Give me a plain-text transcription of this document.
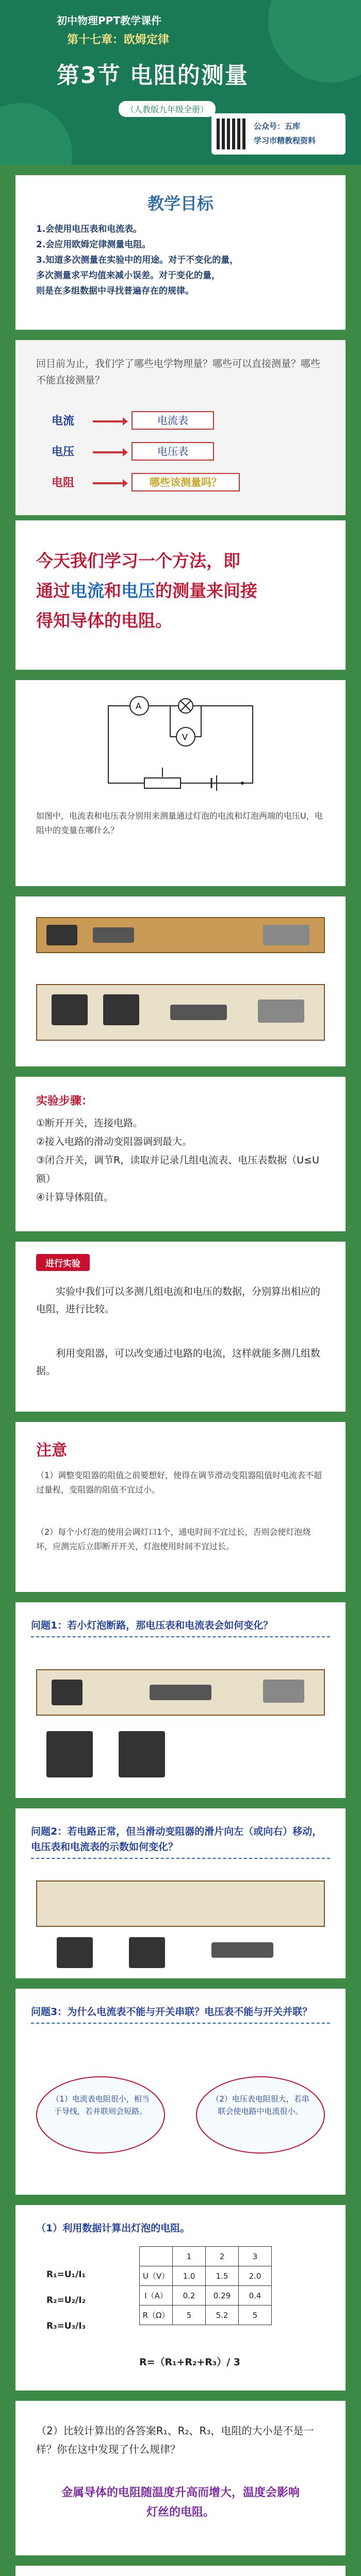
初中物理PPT教学课件
第十七章：欧姆定律
第3节 电阻的测量
（人教版九年级全册）
公众号：五库
学习市精教程资料
教学目标
1.会使用电压表和电流表。
2.会应用欧姆定律测量电阻。
3.知道多次测量在实验中的用途。对于不变化的量，
多次测量求平均值来减小误差。对于变化的量，
则是在多组数据中寻找普遍存在的规律。
回目前为止，我们学了哪些电学物理量？哪些可以直接测量？哪些不能直接测量？
电流	电流表
电压	电压表
电阻	哪些该测量吗？
今天我们学习一个方法，即
通过电流和电压的测量来间接
得知导体的电阻。
A
V
如图中，电流表和电压表分别用来测量通过灯泡的电流和灯泡两端的电压U，电阻中的变量在哪什么？
实验步骤：
①断开开关，连接电路。
②接入电路的滑动变阻器调到最大。
③闭合开关，调节R，读取并记录几组电流表、电压表数据（U≤U额）
④计算导体阻值。
进行实验

实验中我们可以多测几组电流和电压的数据，分别算出相应的电阻，进行比较。

利用变阻器，可以改变通过电路的电流，这样就能多测几组数据。

注意

（1）调整变阻器的阻值之前要想好，使得在调节滑动变阻器阻值时电流表不超过量程，变阻器的阻值不宜过小。

（2）每个小灯泡的使用会调灯口1个，通电时间不宜过长，否则会使灯泡烧坏，应测完后立即断开开关，灯泡使用时间不宜过长。

问题1：若小灯泡断路，那电压表和电流表会如何变化？
问题2：若电路正常，但当滑动变阻器的滑片向左（或向右）移动，电压表和电流表的示数如何变化？
问题3：为什么电流表不能与开关串联？电压表不能与开关并联？
（1）电流表电阻很小，相当于导线，若并联则会短路。
（2）电压表电阻很大，若串联会使电路中电流很小。
（1）利用数据计算出灯泡的电阻。
R₁=U₁/I₁
R₂=U₂/I₂
R₃=U₃/I₃
	1	2	3
U（V）	1.0	1.5	2.0
I（A）	0.2	0.29	0.4
R（Ω）	5	5.2	5
R=（R₁+R₂+R₃）/ 3

（2）比较计算出的各答案R₁、R₂、R₃，电阻的大小是不是一样？你在这中发现了什么规律？

金属导体的电阻随温度升高而增大，温度会影响灯丝的电阻。
